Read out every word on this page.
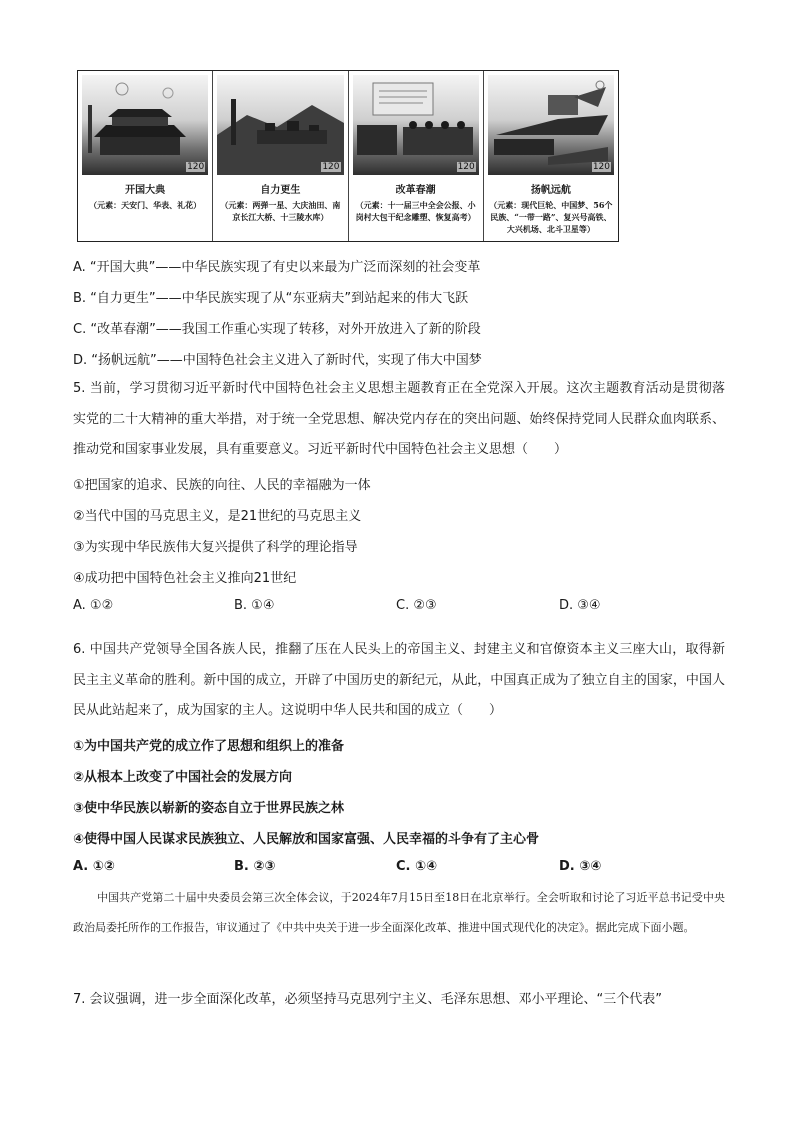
120
开国大典
（元素：天安门、华表、礼花）
120
自力更生
（元素：两弹一星、大庆油田、南京长江大桥、十三陵水库）
120
改革春潮
（元素：十一届三中全会公报、小岗村大包干纪念雕塑、恢复高考）
120
扬帆远航
（元素：现代巨轮、中国梦、56个民族、“一带一路”、复兴号高铁、大兴机场、北斗卫星等）
A. “开国大典”——中华民族实现了有史以来最为广泛而深刻的社会变革
B. “自力更生”——中华民族实现了从“东亚病夫”到站起来的伟大飞跃
C. “改革春潮”——我国工作重心实现了转移，对外开放进入了新的阶段
D. “扬帆远航”——中国特色社会主义进入了新时代，实现了伟大中国梦
5. 当前，学习贯彻习近平新时代中国特色社会主义思想主题教育正在全党深入开展。这次主题教育活动是贯彻落实党的二十大精神的重大举措，对于统一全党思想、解决党内存在的突出问题、始终保持党同人民群众血肉联系、推动党和国家事业发展，具有重要意义。习近平新时代中国特色社会主义思想（　　）
①把国家的追求、民族的向往、人民的幸福融为一体
②当代中国的马克思主义，是21世纪的马克思主义
③为实现中华民族伟大复兴提供了科学的理论指导
④成功把中国特色社会主义推向21世纪
A. ①②	B. ①④	C. ②③	D. ③④
6. 中国共产党领导全国各族人民，推翻了压在人民头上的帝国主义、封建主义和官僚资本主义三座大山，取得新民主主义革命的胜利。新中国的成立，开辟了中国历史的新纪元，从此，中国真正成为了独立自主的国家，中国人民从此站起来了，成为国家的主人。这说明中华人民共和国的成立（　　）
①为中国共产党的成立作了思想和组织上的准备
②从根本上改变了中国社会的发展方向
③使中华民族以崭新的姿态自立于世界民族之林
④使得中国人民谋求民族独立、人民解放和国家富强、人民幸福的斗争有了主心骨
A. ①②	B. ②③	C. ①④	D. ③④
中国共产党第二十届中央委员会第三次全体会议，于2024年7月15日至18日在北京举行。全会听取和讨论了习近平总书记受中央政治局委托所作的工作报告，审议通过了《中共中央关于进一步全面深化改革、推进中国式现代化的决定》。据此完成下面小题。
7. 会议强调，进一步全面深化改革，必须坚持马克思列宁主义、毛泽东思想、邓小平理论、“三个代表”
